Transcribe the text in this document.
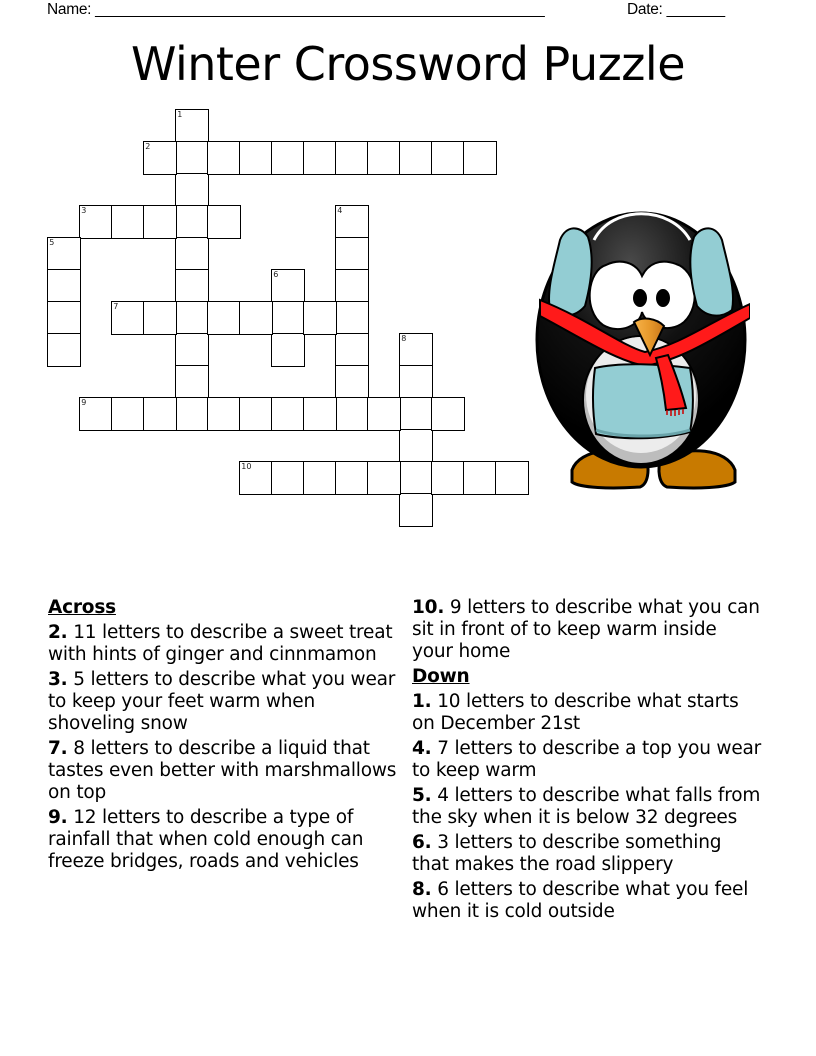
Name: ______________________________________________________	Date: _______
Winter Crossword Puzzle
1
2
3	4
5
6
7
8
9
10
Across
2. 11 letters to describe a sweet treat with hints of ginger and cinnmamon
3. 5 letters to describe what you wear to keep your feet warm when shoveling snow
7. 8 letters to describe a liquid that tastes even better with marshmallows on top
9. 12 letters to describe a type of rainfall that when cold enough can freeze bridges, roads and vehicles
10. 9 letters to describe what you can sit in front of to keep warm inside your home
Down
1. 10 letters to describe what starts on December 21st
4. 7 letters to describe a top you wear to keep warm
5. 4 letters to describe what falls from the sky when it is below 32 degrees
6. 3 letters to describe something that makes the road slippery
8. 6 letters to describe what you feel when it is cold outside
